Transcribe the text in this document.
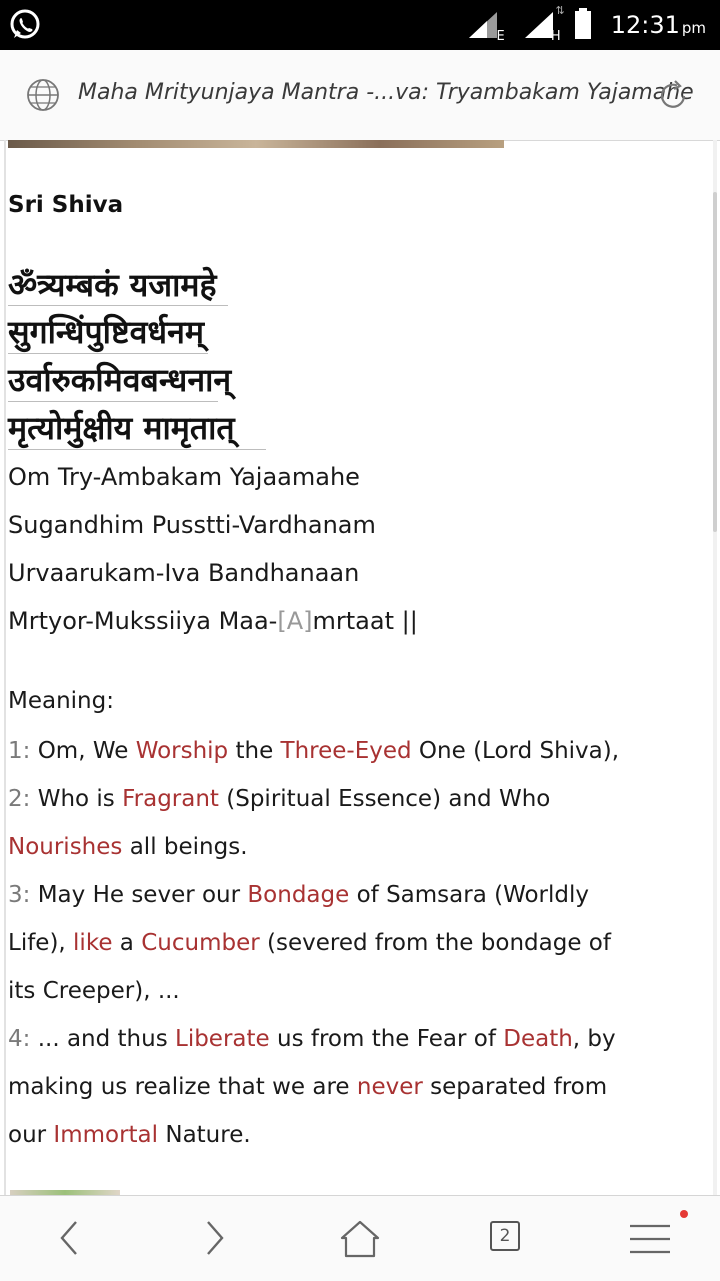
E
⇅
H 12:31 pm
Maha Mrityunjaya Mantra -...va: Tryambakam Yajamahe
Sri Shiva
ॐत्र्यम्बकं यजामहे
सुगन्धिंपुष्टिवर्धनम्
उर्वारुकमिवबन्धनान्
मृत्योर्मुक्षीय मामृतात्
Om Try-Ambakam Yajaamahe
Sugandhim Pusstti-Vardhanam
Urvaarukam-Iva Bandhanaan
Mrtyor-Mukssiiya Maa-[A]mrtaat ||
Meaning:
1: Om, We Worship the Three-Eyed One (Lord Shiva),
2: Who is Fragrant (Spiritual Essence) and Who
Nourishes all beings.
3: May He sever our Bondage of Samsara (Worldly
Life), like a Cucumber (severed from the bondage of
its Creeper), ...
4: ... and thus Liberate us from the Fear of Death, by
making us realize that we are never separated from
our Immortal Nature.
2
